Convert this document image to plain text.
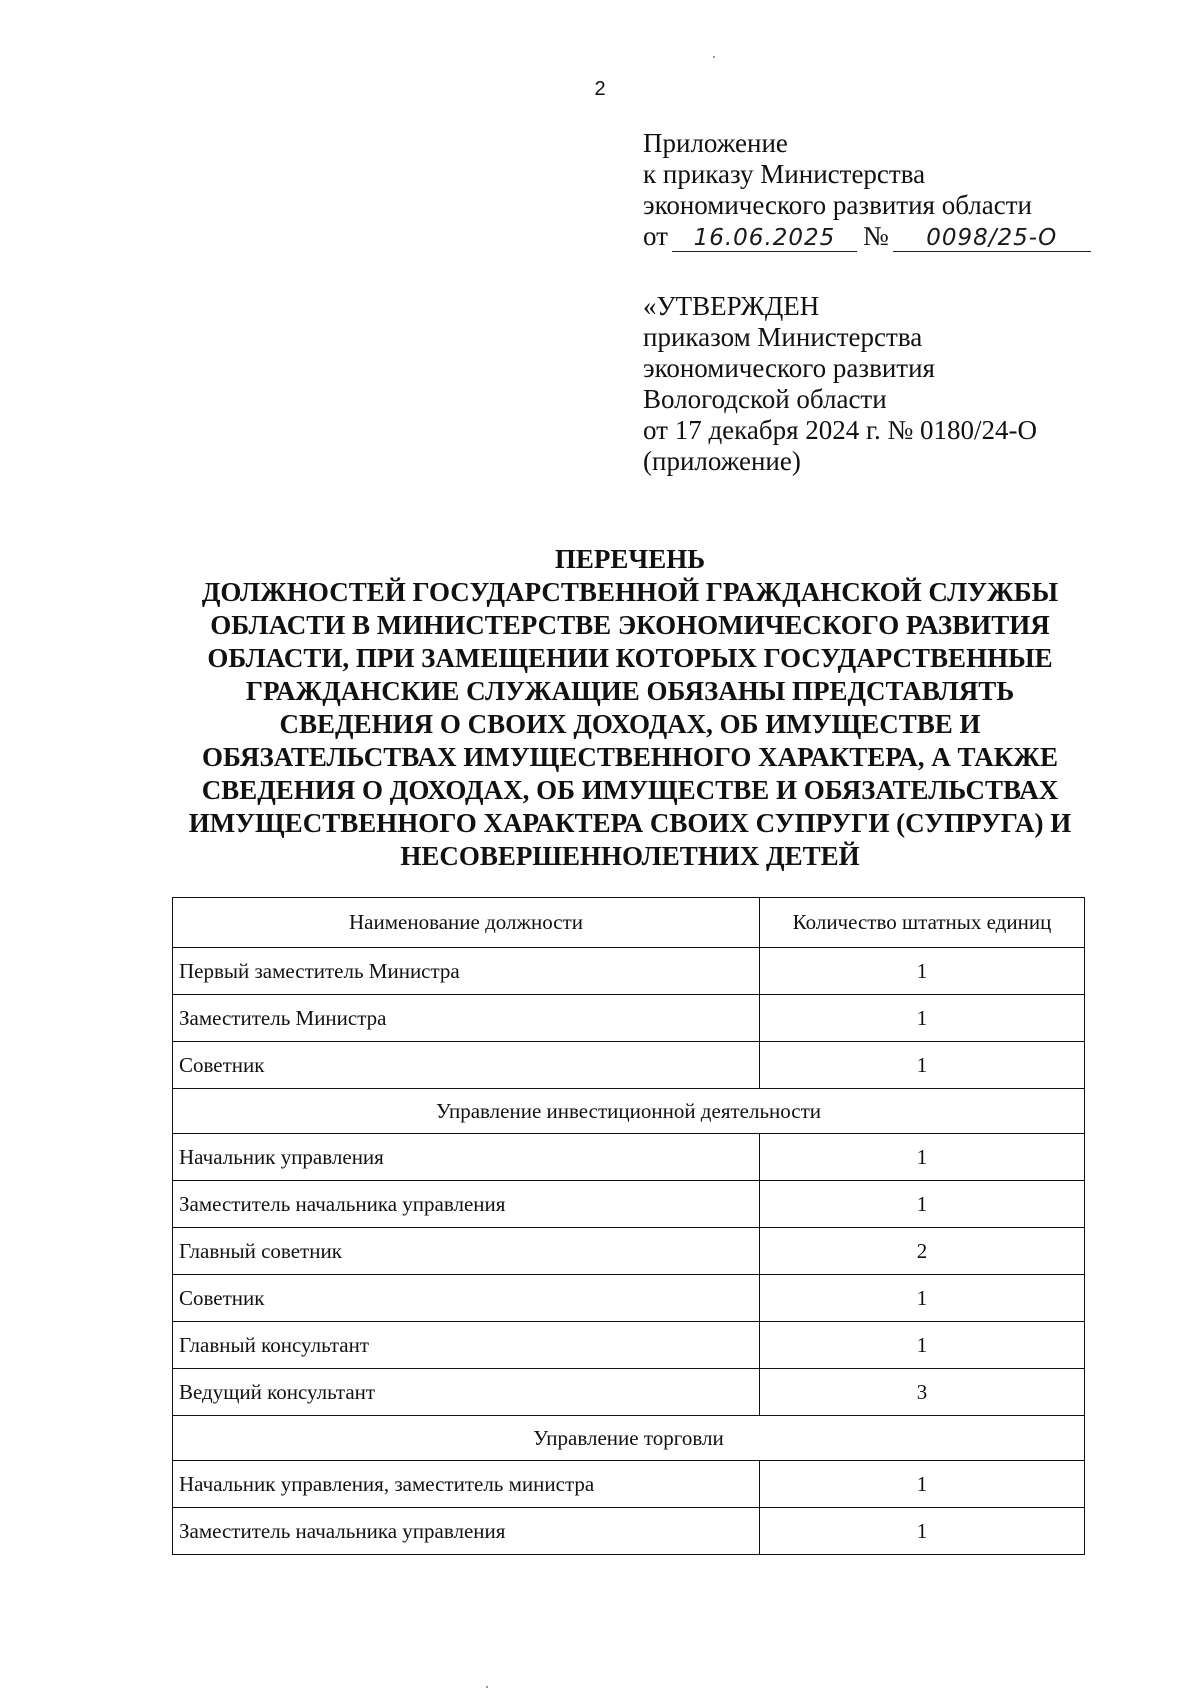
2
Приложение
к приказу Министерства
экономического развития области
от 16.06.2025 № 0098/25-О
«УТВЕРЖДЕН
приказом Министерства
экономического развития
Вологодской области
от 17 декабря 2024 г. № 0180/24-О
(приложение)
ПЕРЕЧЕНЬ
ДОЛЖНОСТЕЙ ГОСУДАРСТВЕННОЙ ГРАЖДАНСКОЙ СЛУЖБЫ
ОБЛАСТИ В МИНИСТЕРСТВЕ ЭКОНОМИЧЕСКОГО РАЗВИТИЯ
ОБЛАСТИ, ПРИ ЗАМЕЩЕНИИ КОТОРЫХ ГОСУДАРСТВЕННЫЕ
ГРАЖДАНСКИЕ СЛУЖАЩИЕ ОБЯЗАНЫ ПРЕДСТАВЛЯТЬ
СВЕДЕНИЯ О СВОИХ ДОХОДАХ, ОБ ИМУЩЕСТВЕ И
ОБЯЗАТЕЛЬСТВАХ ИМУЩЕСТВЕННОГО ХАРАКТЕРА, А ТАКЖЕ
СВЕДЕНИЯ О ДОХОДАХ, ОБ ИМУЩЕСТВЕ И ОБЯЗАТЕЛЬСТВАХ
ИМУЩЕСТВЕННОГО ХАРАКТЕРА СВОИХ СУПРУГИ (СУПРУГА) И
НЕСОВЕРШЕННОЛЕТНИХ ДЕТЕЙ
Наименование должности	Количество штатных единиц
Первый заместитель Министра	1
Заместитель Министра	1
Советник	1
Управление инвестиционной деятельности	
Начальник управления	1
Заместитель начальника управления	1
Главный советник	2
Советник	1
Главный консультант	1
Ведущий консультант	3
Управление торговли	
Начальник управления, заместитель министра	1
Заместитель начальника управления	1
